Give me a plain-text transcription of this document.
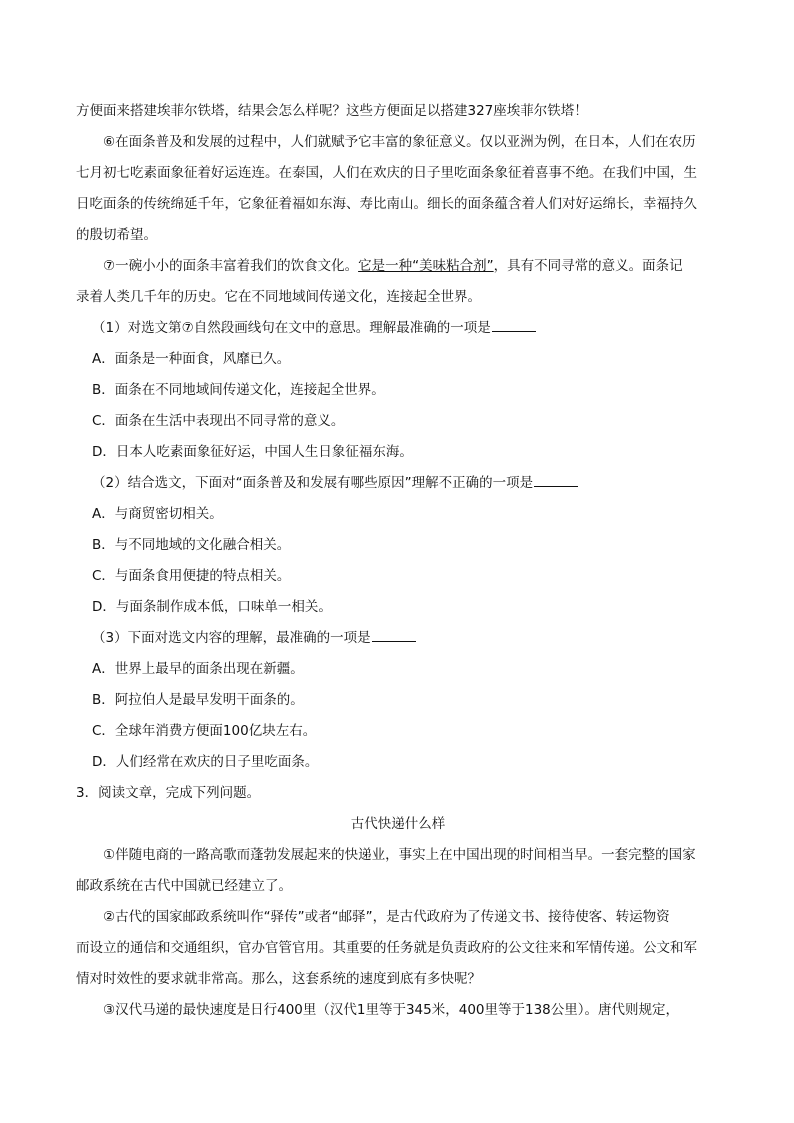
方便面来搭建埃菲尔铁塔，结果会怎么样呢？这些方便面足以搭建327座埃菲尔铁塔！
⑥在面条普及和发展的过程中，人们就赋予它丰富的象征意义。仅以亚洲为例，在日本，人们在农历
七月初七吃素面象征着好运连连。在泰国，人们在欢庆的日子里吃面条象征着喜事不绝。在我们中国，生
日吃面条的传统绵延千年，它象征着福如东海、寿比南山。细长的面条蕴含着人们对好运绵长，幸福持久
的殷切希望。
⑦一碗小小的面条丰富着我们的饮食文化。它是一种“美味粘合剂”，具有不同寻常的意义。面条记
录着人类几千年的历史。它在不同地域间传递文化，连接起全世界。
（1）对选文第⑦自然段画线句在文中的意思。理解最准确的一项是
A．面条是一种面食，风靡已久。
B．面条在不同地域间传递文化，连接起全世界。
C．面条在生活中表现出不同寻常的意义。
D．日本人吃素面象征好运，中国人生日象征福东海。
（2）结合选文，下面对“面条普及和发展有哪些原因”理解不正确的一项是
A．与商贸密切相关。
B．与不同地域的文化融合相关。
C．与面条食用便捷的特点相关。
D．与面条制作成本低，口味单一相关。
（3）下面对选文内容的理解，最准确的一项是
A．世界上最早的面条出现在新疆。
B．阿拉伯人是最早发明干面条的。
C．全球年消费方便面100亿块左右。
D．人们经常在欢庆的日子里吃面条。
3．阅读文章，完成下列问题。
古代快递什么样
①伴随电商的一路高歌而蓬勃发展起来的快递业，事实上在中国出现的时间相当早。一套完整的国家
邮政系统在古代中国就已经建立了。
②古代的国家邮政系统叫作“驿传”或者“邮驿”，是古代政府为了传递文书、接待使客、转运物资
而设立的通信和交通组织，官办官管官用。其重要的任务就是负责政府的公文往来和军情传递。公文和军
情对时效性的要求就非常高。那么，这套系统的速度到底有多快呢？
③汉代马递的最快速度是日行400里（汉代1里等于345米，400里等于138公里）。唐代则规定，
